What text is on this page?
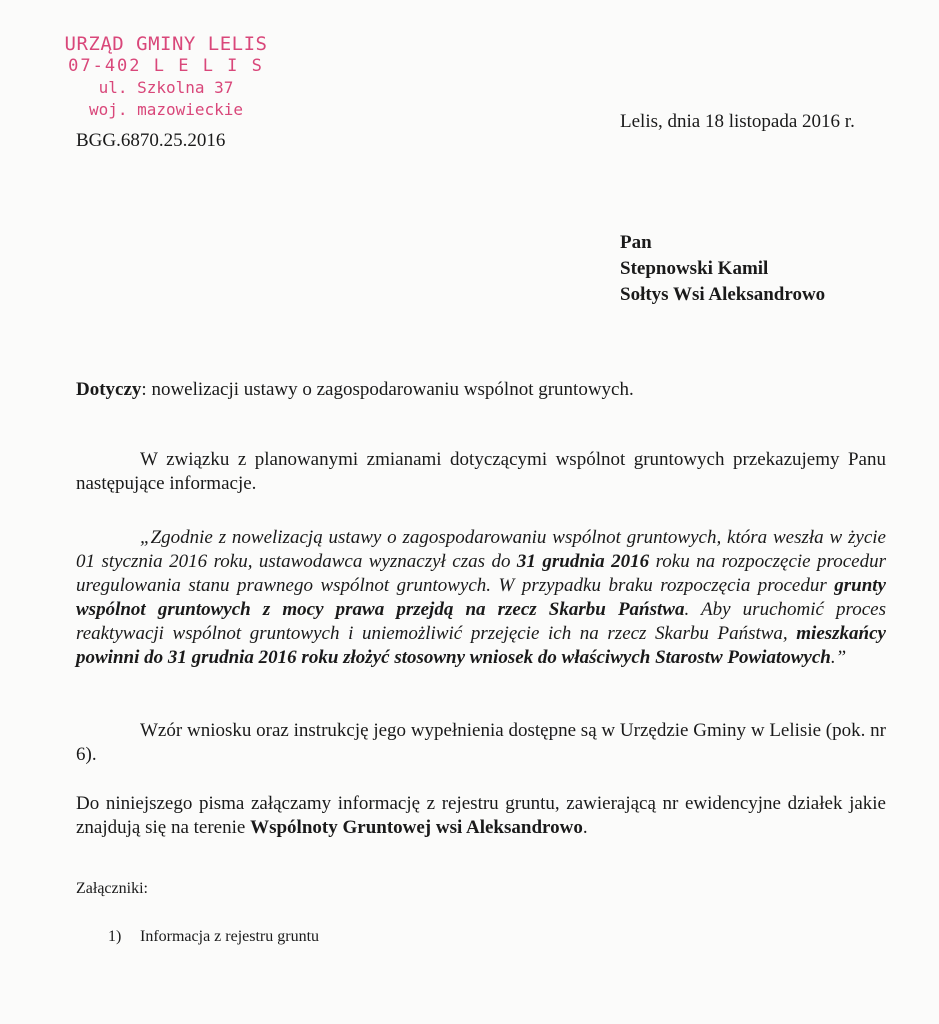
URZĄD GMINY LELIS
07-402 L E L I S
ul. Szkolna 37
woj. mazowieckie
BGG.6870.25.2016
Lelis, dnia 18 listopada 2016 r.
Pan
Stepnowski Kamil
Sołtys Wsi Aleksandrowo
Dotyczy: nowelizacji ustawy o zagospodarowaniu wspólnot gruntowych.
W związku z planowanymi zmianami dotyczącymi wspólnot gruntowych przekazujemy Panu następujące informacje.
„Zgodnie z nowelizacją ustawy o zagospodarowaniu wspólnot gruntowych, która weszła w życie 01 stycznia 2016 roku, ustawodawca wyznaczył czas do 31 grudnia 2016 roku na rozpoczęcie procedur uregulowania stanu prawnego wspólnot gruntowych. W przypadku braku rozpoczęcia procedur grunty wspólnot gruntowych z mocy prawa przejdą na rzecz Skarbu Państwa. Aby uruchomić proces reaktywacji wspólnot gruntowych i uniemożliwić przejęcie ich na rzecz Skarbu Państwa, mieszkańcy powinni do 31 grudnia 2016 roku złożyć stosowny wniosek do właściwych Starostw Powiatowych.”
Wzór wniosku oraz instrukcję jego wypełnienia dostępne są w Urzędzie Gminy w Lelisie (pok. nr 6).
Do niniejszego pisma załączamy informację z rejestru gruntu, zawierającą nr ewidencyjne działek jakie znajdują się na terenie Wspólnoty Gruntowej wsi Aleksandrowo.
Załączniki:
1) Informacja z rejestru gruntu
